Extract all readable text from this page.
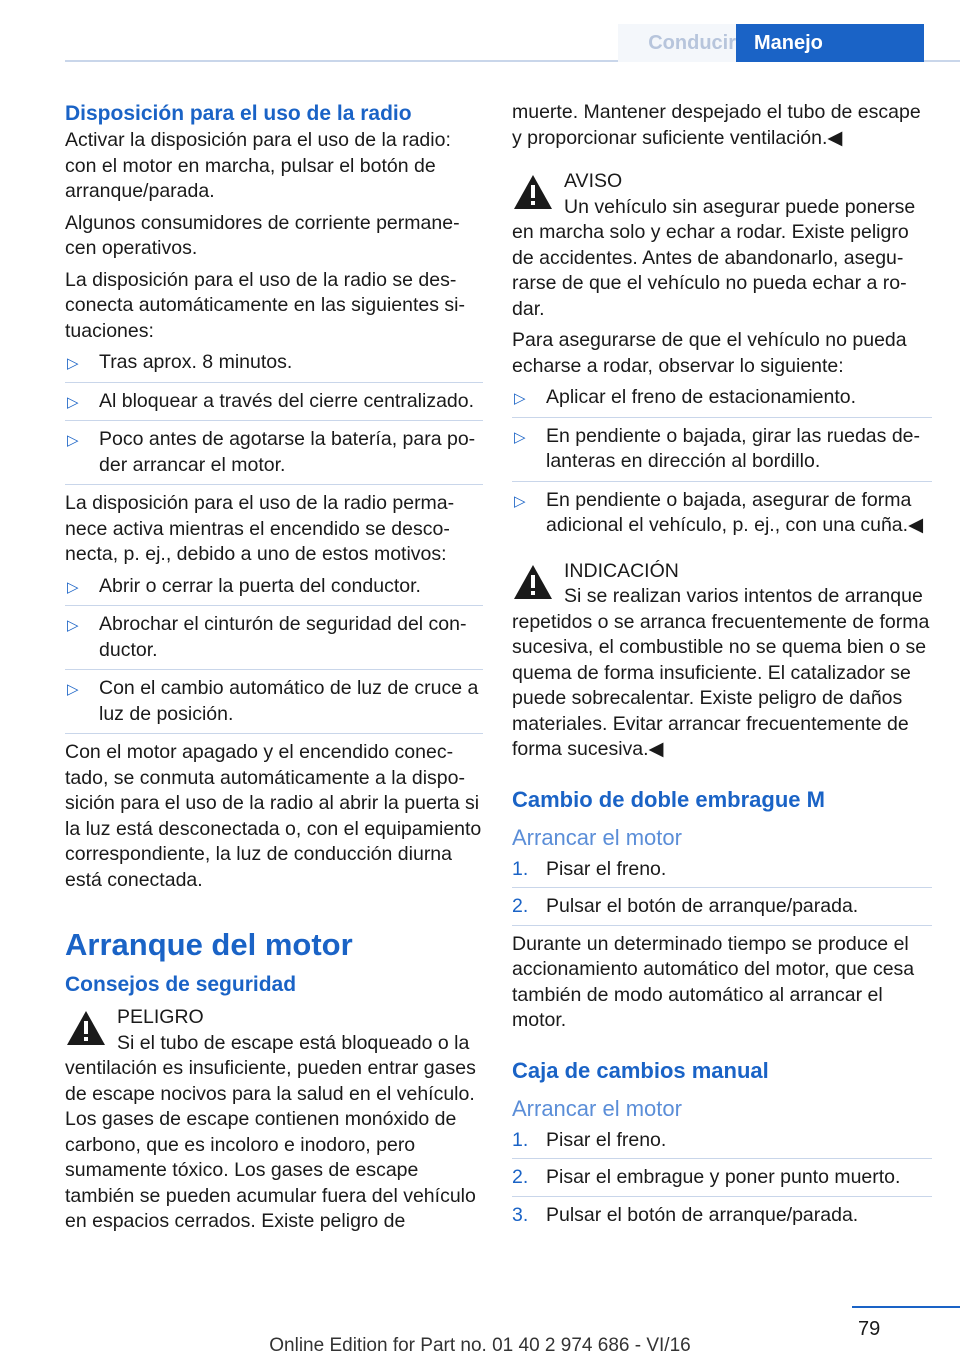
Conducir Manejo
Disposición para el uso de la radio

Activar la disposición para el uso de la radio: con el motor en marcha, pulsar el botón de arranque/parada.

Algunos consumidores de corriente permanecen operativos.

La disposición para el uso de la radio se desconecta automáticamente en las siguientes situaciones:

▷ Tras aprox. 8 minutos.
▷ Al bloquear a través del cierre centralizado.
▷ Poco antes de agotarse la batería, para poder arrancar el motor.

La disposición para el uso de la radio permanece activa mientras el encendido se desconecta, p. ej., debido a uno de estos motivos:

▷ Abrir o cerrar la puerta del conductor.
▷ Abrochar el cinturón de seguridad del conductor.
▷ Con el cambio automático de luz de cruce a luz de posición.

Con el motor apagado y el encendido conectado, se conmuta automáticamente a la disposición para el uso de la radio al abrir la puerta si la luz está desconectada o, con el equipamiento correspondiente, la luz de conducción diurna está conectada.

Arranque del motor
Consejos de seguridad
PELIGRO
Si el tubo de escape está bloqueado o la ventilación es insuficiente, pueden entrar gases de escape nocivos para la salud en el vehículo. Los gases de escape contienen monóxido de carbono, que es incoloro e inodoro, pero sumamente tóxico. Los gases de escape también se pueden acumular fuera del vehículo en espacios cerrados. Existe peligro de

muerte. Mantener despejado el tubo de escape y proporcionar suficiente ventilación.◀

AVISO
Un vehículo sin asegurar puede ponerse en marcha solo y echar a rodar. Existe peligro de accidentes. Antes de abandonarlo, asegurarse de que el vehículo no pueda echar a rodar.

Para asegurarse de que el vehículo no pueda echarse a rodar, observar lo siguiente:

▷ Aplicar el freno de estacionamiento.
▷ En pendiente o bajada, girar las ruedas delanteras en dirección al bordillo.
▷ En pendiente o bajada, asegurar de forma adicional el vehículo, p. ej., con una cuña.◀
INDICACIÓN
Si se realizan varios intentos de arranque repetidos o se arranca frecuentemente de forma sucesiva, el combustible no se quema bien o se quema de forma insuficiente. El catalizador se puede sobrecalentar. Existe peligro de daños materiales. Evitar arrancar frecuentemente de forma sucesiva.◀
Cambio de doble embrague M
Arrancar el motor
1. Pisar el freno.
2. Pulsar el botón de arranque/parada.

Durante un determinado tiempo se produce el accionamiento automático del motor, que cesa también de modo automático al arrancar el motor.

Caja de cambios manual
Arrancar el motor
1. Pisar el freno.
2. Pisar el embrague y poner punto muerto.
3. Pulsar el botón de arranque/parada.
79
Online Edition for Part no. 01 40 2 974 686 - VI/16
